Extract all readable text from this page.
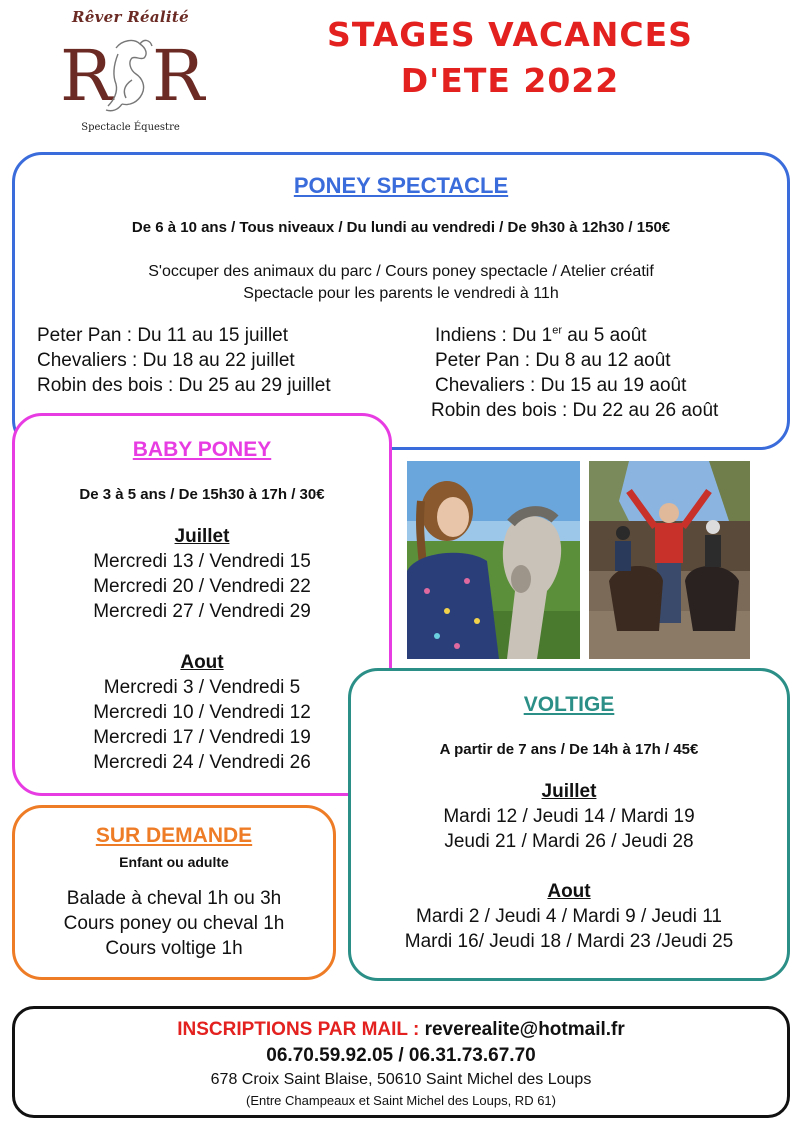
Rêver Réalité
R R
Spectacle Équestre
STAGES VACANCES
D'ETE 2022
PONEY SPECTACLE
De 6 à 10 ans / Tous niveaux / Du lundi au vendredi / De 9h30 à 12h30 / 150€
S'occuper des animaux du parc / Cours poney spectacle / Atelier créatif
Spectacle pour les parents le vendredi à 11h
Peter Pan : Du 11 au 15 juillet
Chevaliers : Du 18 au 22 juillet
Robin des bois : Du 25 au 29 juillet
Indiens : Du 1er au 5 août
Peter Pan : Du 8 au 12 août
Chevaliers : Du 15 au 19 août
Robin des bois : Du 22 au 26 août
BABY PONEY
De 3 à 5 ans / De 15h30 à 17h / 30€
Juillet
Mercredi 13 / Vendredi 15
Mercredi 20 / Vendredi 22
Mercredi 27 / Vendredi 29
Aout
Mercredi 3 / Vendredi 5
Mercredi 10 / Vendredi 12
Mercredi 17 / Vendredi 19
Mercredi 24 / Vendredi 26
VOLTIGE
A partir de 7 ans / De 14h à 17h / 45€
Juillet
Mardi 12 / Jeudi 14 / Mardi 19
Jeudi 21 / Mardi 26 / Jeudi 28
Aout
Mardi 2 / Jeudi 4 / Mardi 9 / Jeudi 11
Mardi 16/ Jeudi 18 / Mardi 23 /Jeudi 25
SUR DEMANDE
Enfant ou adulte
Balade à cheval 1h ou 3h
Cours poney ou cheval 1h
Cours voltige 1h
INSCRIPTIONS PAR MAIL : reverealite@hotmail.fr
06.70.59.92.05 / 06.31.73.67.70
678 Croix Saint Blaise, 50610 Saint Michel des Loups
(Entre Champeaux et Saint Michel des Loups, RD 61)
